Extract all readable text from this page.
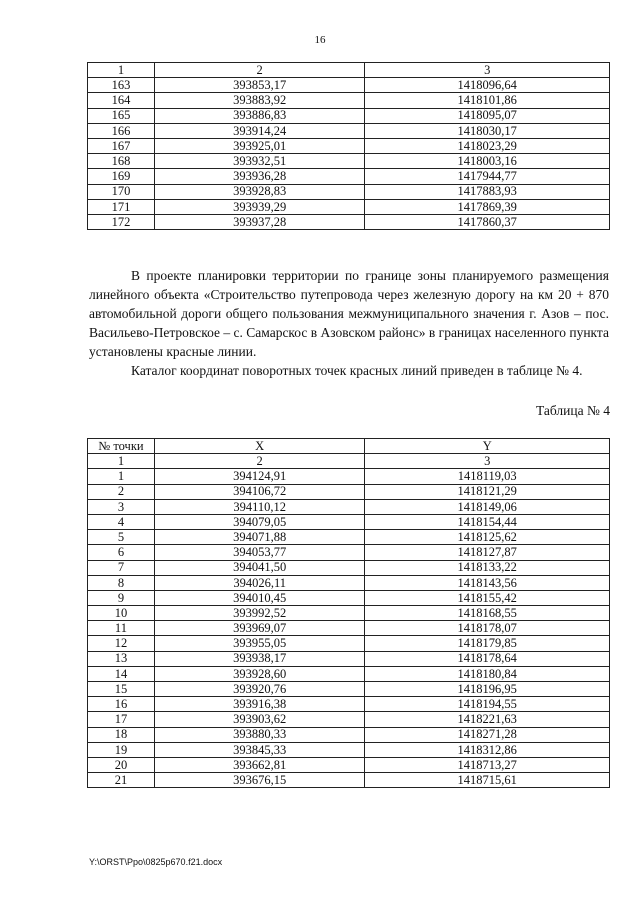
16
1	2	3
163	393853,17	1418096,64
164	393883,92	1418101,86
165	393886,83	1418095,07
166	393914,24	1418030,17
167	393925,01	1418023,29
168	393932,51	1418003,16
169	393936,28	1417944,77
170	393928,83	1417883,93
171	393939,29	1417869,39
172	393937,28	1417860,37

В проекте планировки территории по границе зоны планируемого размещения линейного объекта «Строительство путепровода через железную дорогу на км 20 + 870 автомобильной дороги общего пользования межмуниципального значения г. Азов – пос. Васильево-Петровское – с. Самарскос в Азовском районс» в границах населенного пункта установлены красные линии.

Каталог координат поворотных точек красных линий приведен в таблице № 4.

Таблица № 4
№ точки	X	Y
1	2	3
1	394124,91	1418119,03
2	394106,72	1418121,29
3	394110,12	1418149,06
4	394079,05	1418154,44
5	394071,88	1418125,62
6	394053,77	1418127,87
7	394041,50	1418133,22
8	394026,11	1418143,56
9	394010,45	1418155,42
10	393992,52	1418168,55
11	393969,07	1418178,07
12	393955,05	1418179,85
13	393938,17	1418178,64
14	393928,60	1418180,84
15	393920,76	1418196,95
16	393916,38	1418194,55
17	393903,62	1418221,63
18	393880,33	1418271,28
19	393845,33	1418312,86
20	393662,81	1418713,27
21	393676,15	1418715,61
Y:\ORST\Ppo\0825p670.f21.docx
